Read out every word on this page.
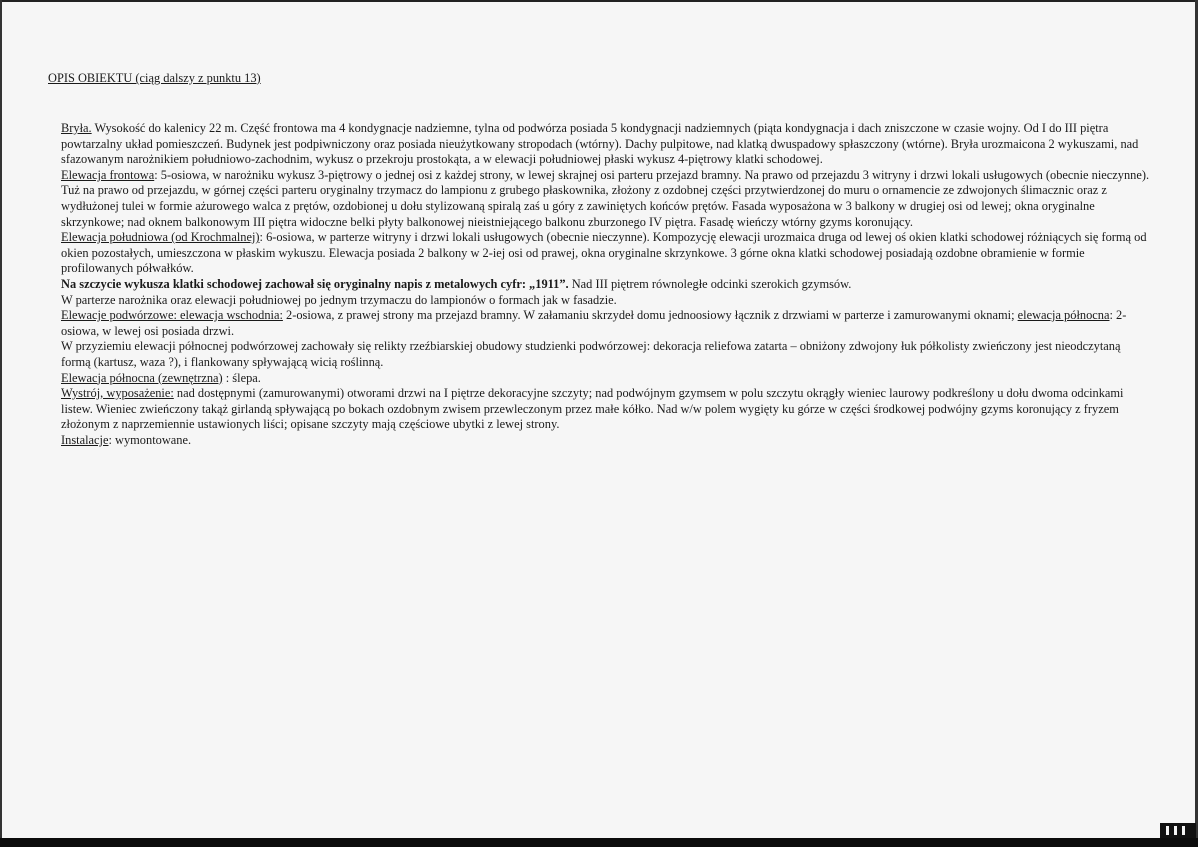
OPIS OBIEKTU (ciąg dalszy z punktu 13)

Bryła. Wysokość do kalenicy 22 m. Część frontowa ma 4 kondygnacje nadziemne, tylna od podwórza posiada 5 kondygnacji nadziemnych (piąta kondygnacja i dach zniszczone w czasie wojny. Od I do III piętra powtarzalny układ pomieszczeń. Budynek jest podpiwniczony oraz posiada nieużytkowany stropodach (wtórny). Dachy pulpitowe, nad klatką dwuspadowy spłaszczony (wtórne). Bryła urozmaicona 2 wykuszami, nad sfazowanym narożnikiem południowo-zachodnim, wykusz o przekroju prostokąta, a w elewacji południowej płaski wykusz 4-piętrowy klatki schodowej.

Elewacja frontowa: 5-osiowa, w narożniku wykusz 3-piętrowy o jednej osi z każdej strony, w lewej skrajnej osi parteru przejazd bramny. Na prawo od przejazdu 3 witryny i drzwi lokali usługowych (obecnie nieczynne). Tuż na prawo od przejazdu, w górnej części parteru oryginalny trzymacz do lampionu z grubego płaskownika, złożony z ozdobnej części przytwierdzonej do muru o ornamencie ze zdwojonych ślimacznic oraz z wydłużonej tulei w formie ażurowego walca z prętów, ozdobionej u dołu stylizowaną spiralą zaś u góry z zawiniętych końców prętów. Fasada wyposażona w 3 balkony w drugiej osi od lewej; okna oryginalne skrzynkowe; nad oknem balkonowym III piętra widoczne belki płyty balkonowej nieistniejącego balkonu zburzonego IV piętra. Fasadę wieńczy wtórny gzyms koronujący.

Elewacja południowa (od Krochmalnej): 6-osiowa, w parterze witryny i drzwi lokali usługowych (obecnie nieczynne). Kompozycję elewacji urozmaica druga od lewej oś okien klatki schodowej różniących się formą od okien pozostałych, umieszczona w płaskim wykuszu. Elewacja posiada 2 balkony w 2-iej osi od prawej, okna oryginalne skrzynkowe. 3 górne okna klatki schodowej posiadają ozdobne obramienie w formie profilowanych półwałków.

Na szczycie wykusza klatki schodowej zachował się oryginalny napis z metalowych cyfr: „1911”. Nad III piętrem równoległe odcinki szerokich gzymsów.

W parterze narożnika oraz elewacji południowej po jednym trzymaczu do lampionów o formach jak w fasadzie.

Elewacje podwórzowe: elewacja wschodnia: 2-osiowa, z prawej strony ma przejazd bramny. W załamaniu skrzydeł domu jednoosiowy łącznik z drzwiami w parterze i zamurowanymi oknami; elewacja północna: 2-osiowa, w lewej osi posiada drzwi.

W przyziemiu elewacji północnej podwórzowej zachowały się relikty rzeźbiarskiej obudowy studzienki podwórzowej: dekoracja reliefowa zatarta – obniżony zdwojony łuk półkolisty zwieńczony jest nieodczytaną formą (kartusz, waza ?), i flankowany spływającą wicią roślinną.

Elewacja północna (zewnętrzna) : ślepa.

Wystrój, wyposażenie: nad dostępnymi (zamurowanymi) otworami drzwi na I piętrze dekoracyjne szczyty; nad podwójnym gzymsem w polu szczytu okrągły wieniec laurowy podkreślony u dołu dwoma odcinkami listew. Wieniec zwieńczony takąż girlandą spływającą po bokach ozdobnym zwisem przewleczonym przez małe kółko. Nad w/w polem wygięty ku górze w części środkowej podwójny gzyms koronujący z fryzem złożonym z naprzemiennie ustawionych liści; opisane szczyty mają częściowe ubytki z lewej strony.

Instalacje: wymontowane.
